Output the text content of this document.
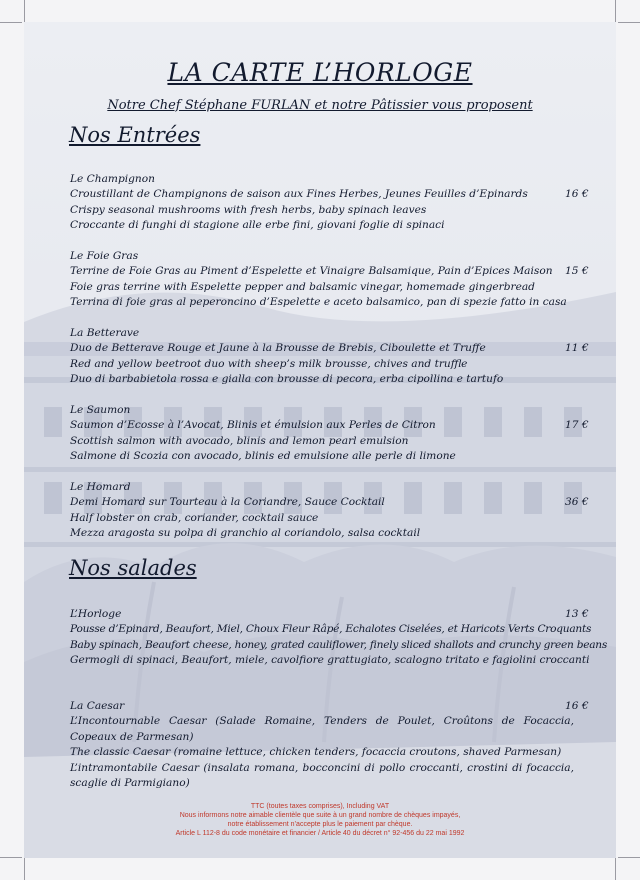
LA CARTE L’HORLOGE
Notre Chef Stéphane FURLAN et notre Pâtissier vous proposent
Nos Entrées
Le Champignon
Croustillant de Champignons de saison aux Fines Herbes, Jeunes Feuilles d’Epinards
Crispy seasonal mushrooms with fresh herbs, baby spinach leaves
Croccante di funghi di stagione alle erbe fini, giovani foglie di spinaci
16 €
Le Foie Gras
Terrine de Foie Gras au Piment d’Espelette et Vinaigre Balsamique, Pain d’Epices Maison
Foie gras terrine with Espelette pepper and balsamic vinegar, homemade gingerbread
Terrina di foie gras al peperoncino d’Espelette e aceto balsamico, pan di spezie fatto in casa
15 €
La Betterave
Duo de Betterave Rouge et Jaune à la Brousse de Brebis, Ciboulette et Truffe
Red and yellow beetroot duo with sheep’s milk brousse, chives and truffle
Duo di barbabietola rossa e gialla con brousse di pecora, erba cipollina e tartufo
11 €
Le Saumon
Saumon d’Ecosse à l’Avocat, Blinis et émulsion aux Perles de Citron
Scottish salmon with avocado, blinis and lemon pearl emulsion
Salmone di Scozia con avocado, blinis ed emulsione alle perle di limone
17 €
Le Homard
Demi Homard sur Tourteau à la Coriandre, Sauce Cocktail
Half lobster on crab, coriander, cocktail sauce
Mezza aragosta su polpa di granchio al coriandolo, salsa cocktail
36 €
Nos salades
L’Horloge
Pousse d’Epinard, Beaufort, Miel, Choux Fleur Râpé, Echalotes Ciselées, et Haricots Verts Croquants
Baby spinach, Beaufort cheese, honey, grated cauliflower, finely sliced shallots and crunchy green beans
Germogli di spinaci, Beaufort, miele, cavolfiore grattugiato, scalogno tritato e fagiolini croccanti
13 €
La Caesar
L’Incontournable Caesar (Salade Romaine, Tenders de Poulet, Croûtons de Focaccia, Copeaux de Parmesan)
The classic Caesar (romaine lettuce, chicken tenders, focaccia croutons, shaved Parmesan)
L’intramontabile Caesar (insalata romana, bocconcini di pollo croccanti, crostini di focaccia, scaglie di Parmigiano)
16 €
TTC (toutes taxes comprises), Including VAT
Nous informons notre aimable clientèle que suite à un grand nombre de chèques impayés,
notre établissement n’accepte plus le paiement par chèque.
Article L 112-8 du code monétaire et financier / Article 40 du décret n° 92-456 du 22 mai 1992
